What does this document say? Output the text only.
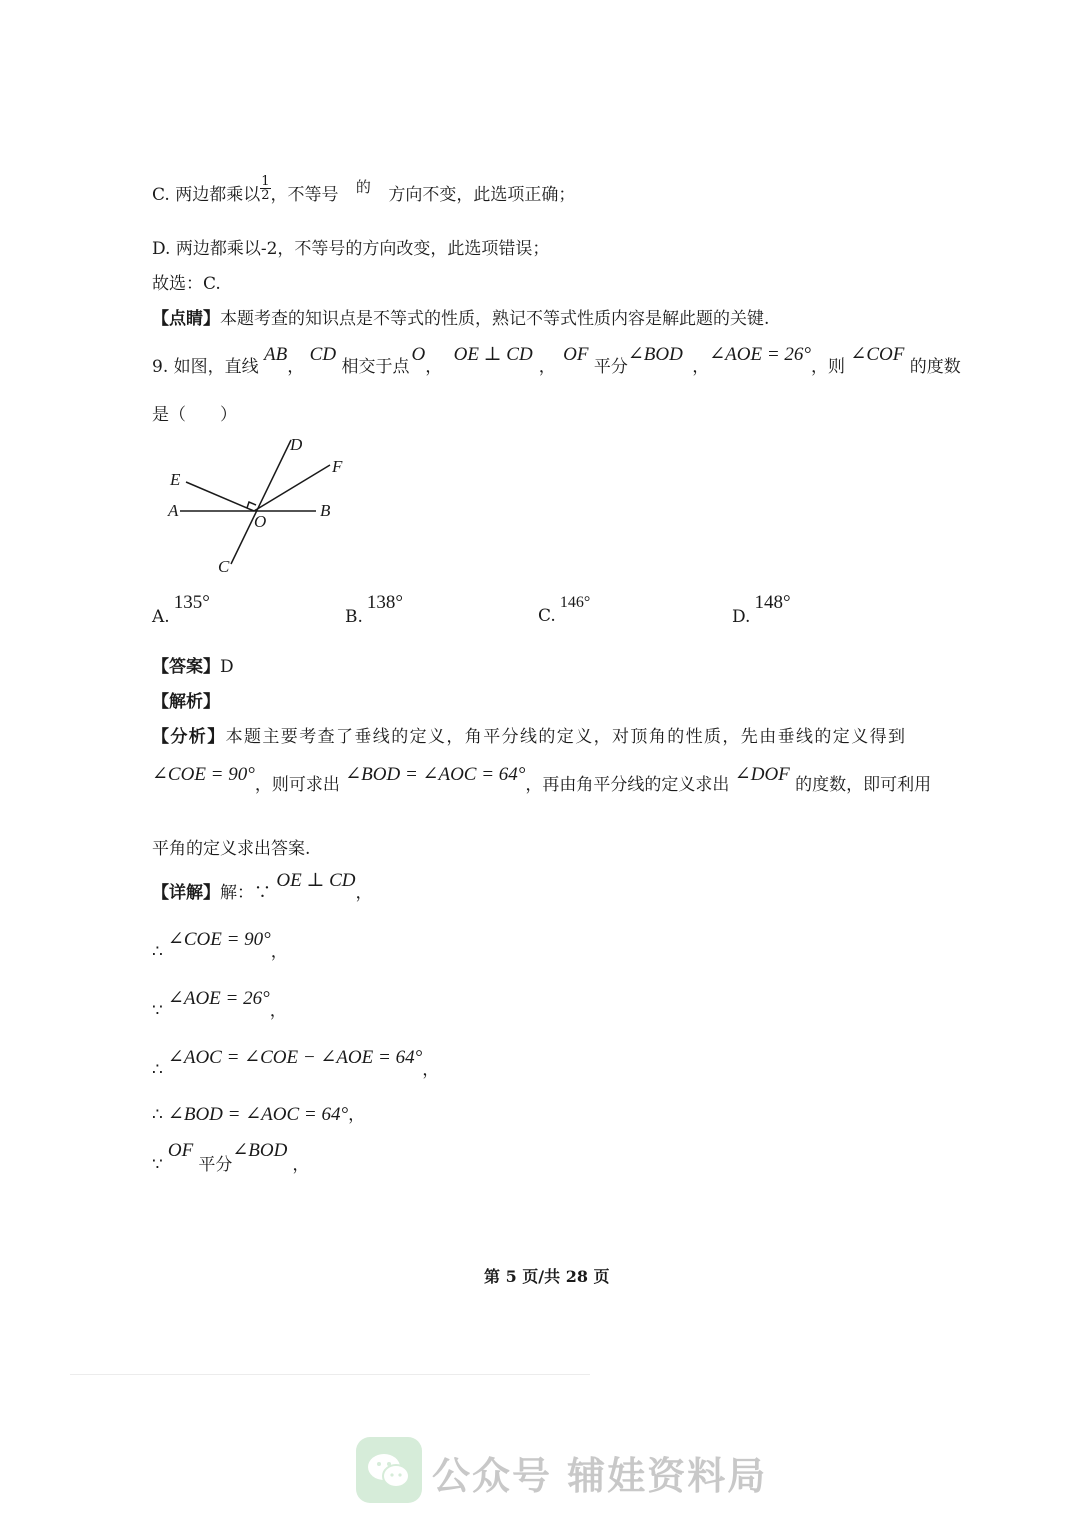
C. 两边都乘以 $\frac{1}{2}$ ，不等号 的 方向不变，此选项正确；
D. 两边都乘以-2，不等号的方向改变，此选项错误；
故选：C.
【点睛】本题考查的知识点是不等式的性质，熟记不等式性质内容是解此题的关键.
9. 如图，直线 AB， CD 相交于点O， OE ⊥ CD， OF 平分∠BOD ，∠AOE = 26°，则 ∠COF 的度数
是（　　）
A	B
C
D
E
F
O
A.135°
B.138°
C.146°
D.148°
【答案】D
【解析】
【分析】本题主要考查了垂线的定义，角平分线的定义，对顶角的性质，先由垂线的定义得到
∠COE = 90°，则可求出 ∠BOD = ∠AOC = 64°，再由角平分线的定义求出 ∠DOF 的度数，即可利用
平角的定义求出答案.
【详解】解：∵ OE ⊥ CD，
∴ ∠COE = 90°，
∵ ∠AOE = 26°，
∴ ∠AOC = ∠COE − ∠AOE = 64°，
∴ ∠BOD = ∠AOC = 64°，
∵ OF 平分∠BOD ，
第 5 页/共 28 页
公众号 辅娃资料局
